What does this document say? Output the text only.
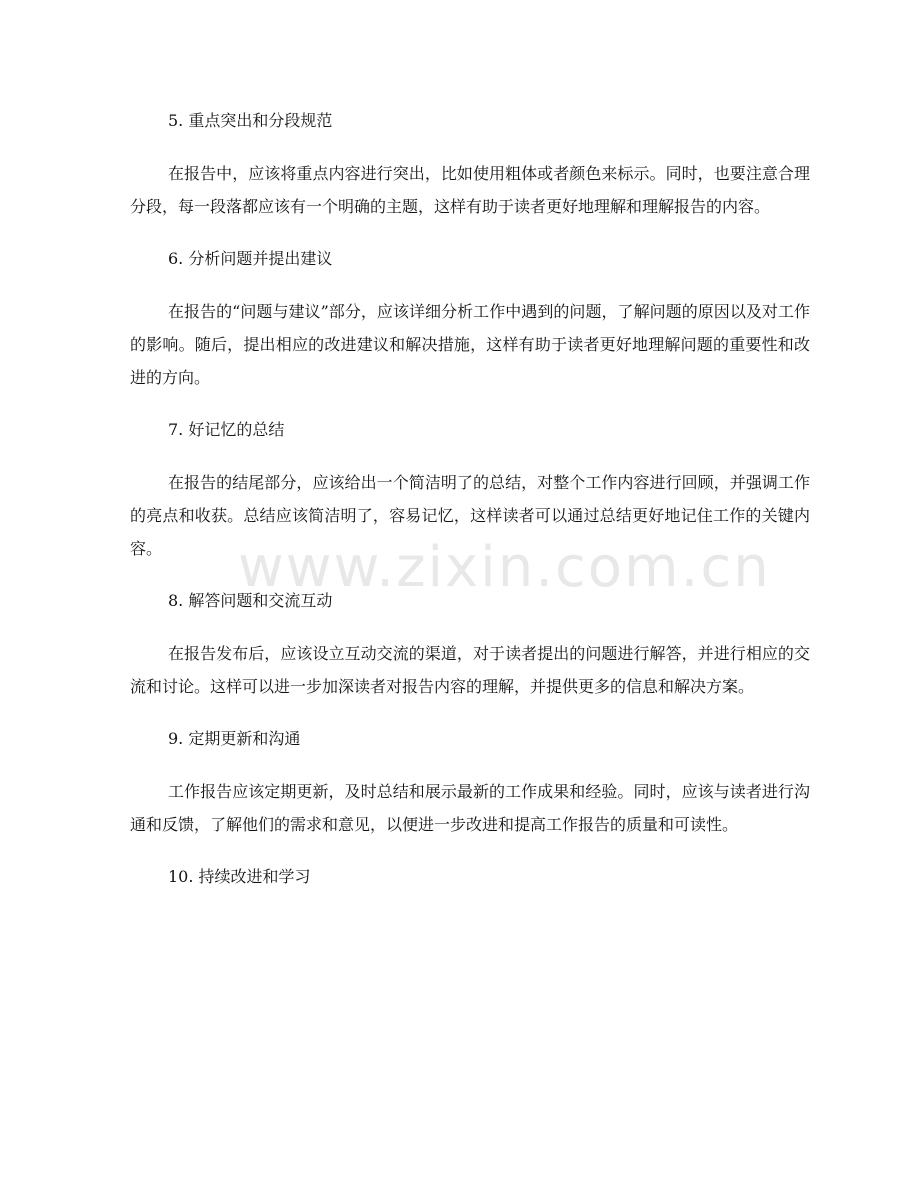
5. 重点突出和分段规范

在报告中，应该将重点内容进行突出，比如使用粗体或者颜色来标示。同时，也要注意合理分段，每一段落都应该有一个明确的主题，这样有助于读者更好地理解和理解报告的内容。

6. 分析问题并提出建议

在报告的“问题与建议”部分，应该详细分析工作中遇到的问题，了解问题的原因以及对工作的影响。随后，提出相应的改进建议和解决措施，这样有助于读者更好地理解问题的重要性和改进的方向。

7. 好记忆的总结

在报告的结尾部分，应该给出一个简洁明了的总结，对整个工作内容进行回顾，并强调工作的亮点和收获。总结应该简洁明了，容易记忆，这样读者可以通过总结更好地记住工作的关键内容。

8. 解答问题和交流互动

在报告发布后，应该设立互动交流的渠道，对于读者提出的问题进行解答，并进行相应的交流和讨论。这样可以进一步加深读者对报告内容的理解，并提供更多的信息和解决方案。

9. 定期更新和沟通

工作报告应该定期更新，及时总结和展示最新的工作成果和经验。同时，应该与读者进行沟通和反馈，了解他们的需求和意见，以便进一步改进和提高工作报告的质量和可读性。

10. 持续改进和学习
www.zixin.com.cn
